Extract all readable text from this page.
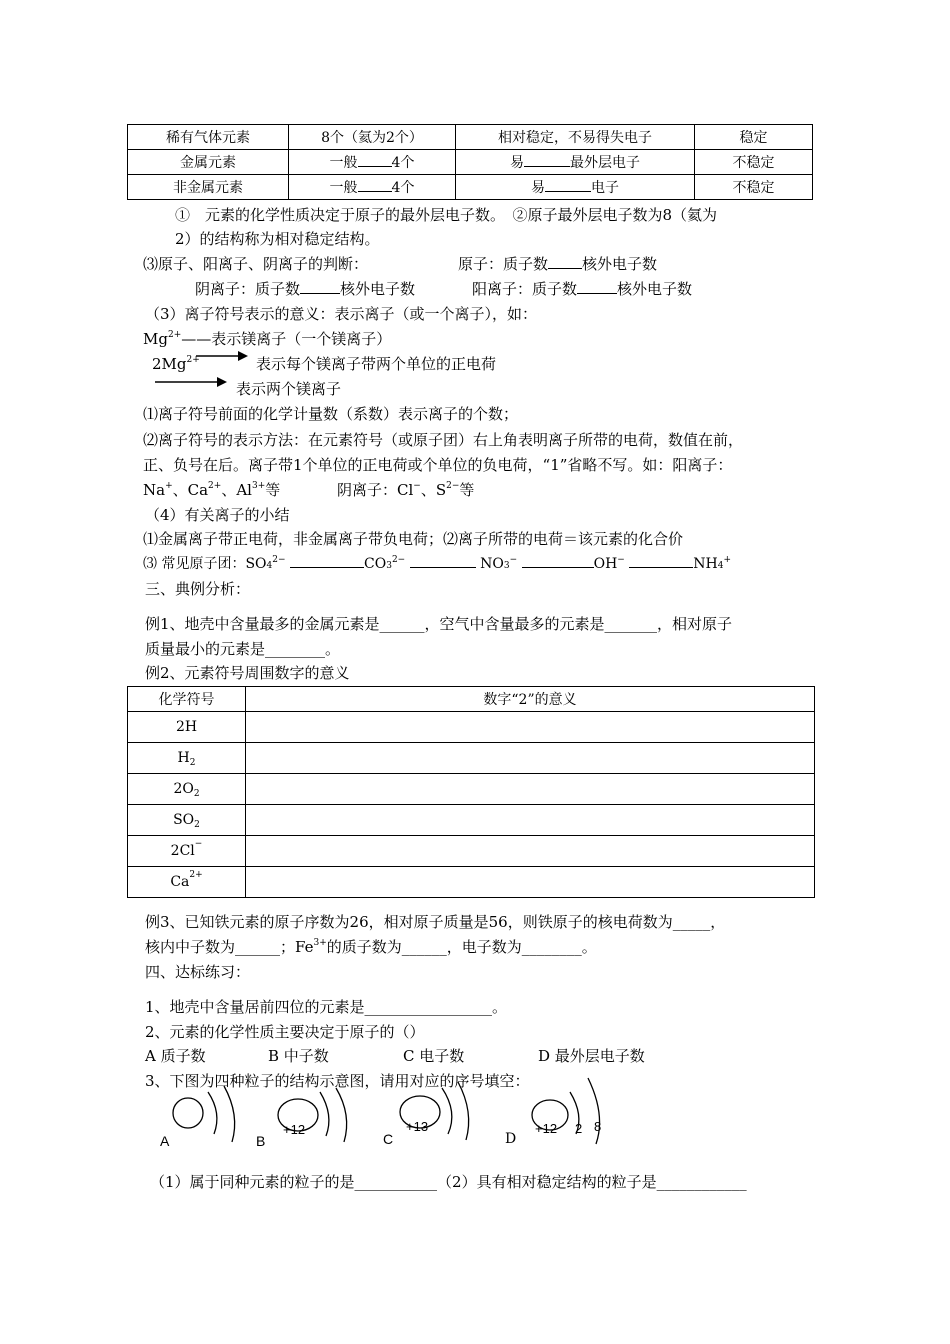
稀有气体元素	8个（氦为2个）	相对稳定，不易得失电子	稳定
金属元素	一般 4个	易 最外层电子	不稳定
非金属元素	一般 4个	易 电子	不稳定
①　元素的化学性质决定于原子的最外层电子数。　②原子最外层电子数为8（氦为
2）的结构称为相对稳定结构。
⑶原子、阳离子、阴离子的判断：	原子：质子数 核外电子数
阴离子：质子数	核外电子数	阳离子：质子数	核外电子数
（3）离子符号表示的意义：表示离子（或一个离子），如：
$Mg^{2+}——$表示镁离子（一个镁离子）
$2Mg^{2+}$	表示每个镁离子带两个单位的正电荷
表示两个镁离子
⑴离子符号前面的化学计量数（系数）表示离子的个数；
⑵离子符号的表示方法：在元素符号（或原子团）右上角表明离子所带的电荷，数值在前，
正、负号在后。离子带1个单位的正电荷或个单位的负电荷，“1”省略不写。如：阳离子：
Na+、$Ca^{2+}$、$Al^{3+}$等	阴离子：Cl−、$S^{2-}$等
（4）有关离子的小结
⑴金属离子带正电荷，非金属离子带负电荷；⑵离子所带的电荷＝该元素的化合价
⑶ 常见原子团：$SO_4^{2-}$	$CO_3^{2-}$	$NO_3^-$	OH−	$NH_4^+$
三、典例分析：
例1、地壳中含量最多的金属元素是______，空气中含量最多的元素是_______，相对原子
质量最小的元素是________。
例2、元素符号周围数字的意义
化学符号	数字“2”的意义
2H	
$H_2$	
$2O_2$	
$SO_2$	
2Cl−	
$Ca^{2+}$	
例3、已知铁元素的原子序数为26，相对原子质量是56，则铁原子的核电荷数为_____，
核内中子数为______；$Fe^{3+}$的质子数为______，电子数为________。
四、达标练习：
1、地壳中含量居前四位的元素是_________________。
2、元素的化学性质主要决定于原子的（）
A 质子数	B 中子数	C 电子数	D 最外层电子数
3、下图为四种粒子的结构示意图，请用对应的序号填空：
A	B
+12
C
+13
D
+12 2 8
（1）属于同种元素的粒子的是___________（2）具有相对稳定结构的粒子是____________
